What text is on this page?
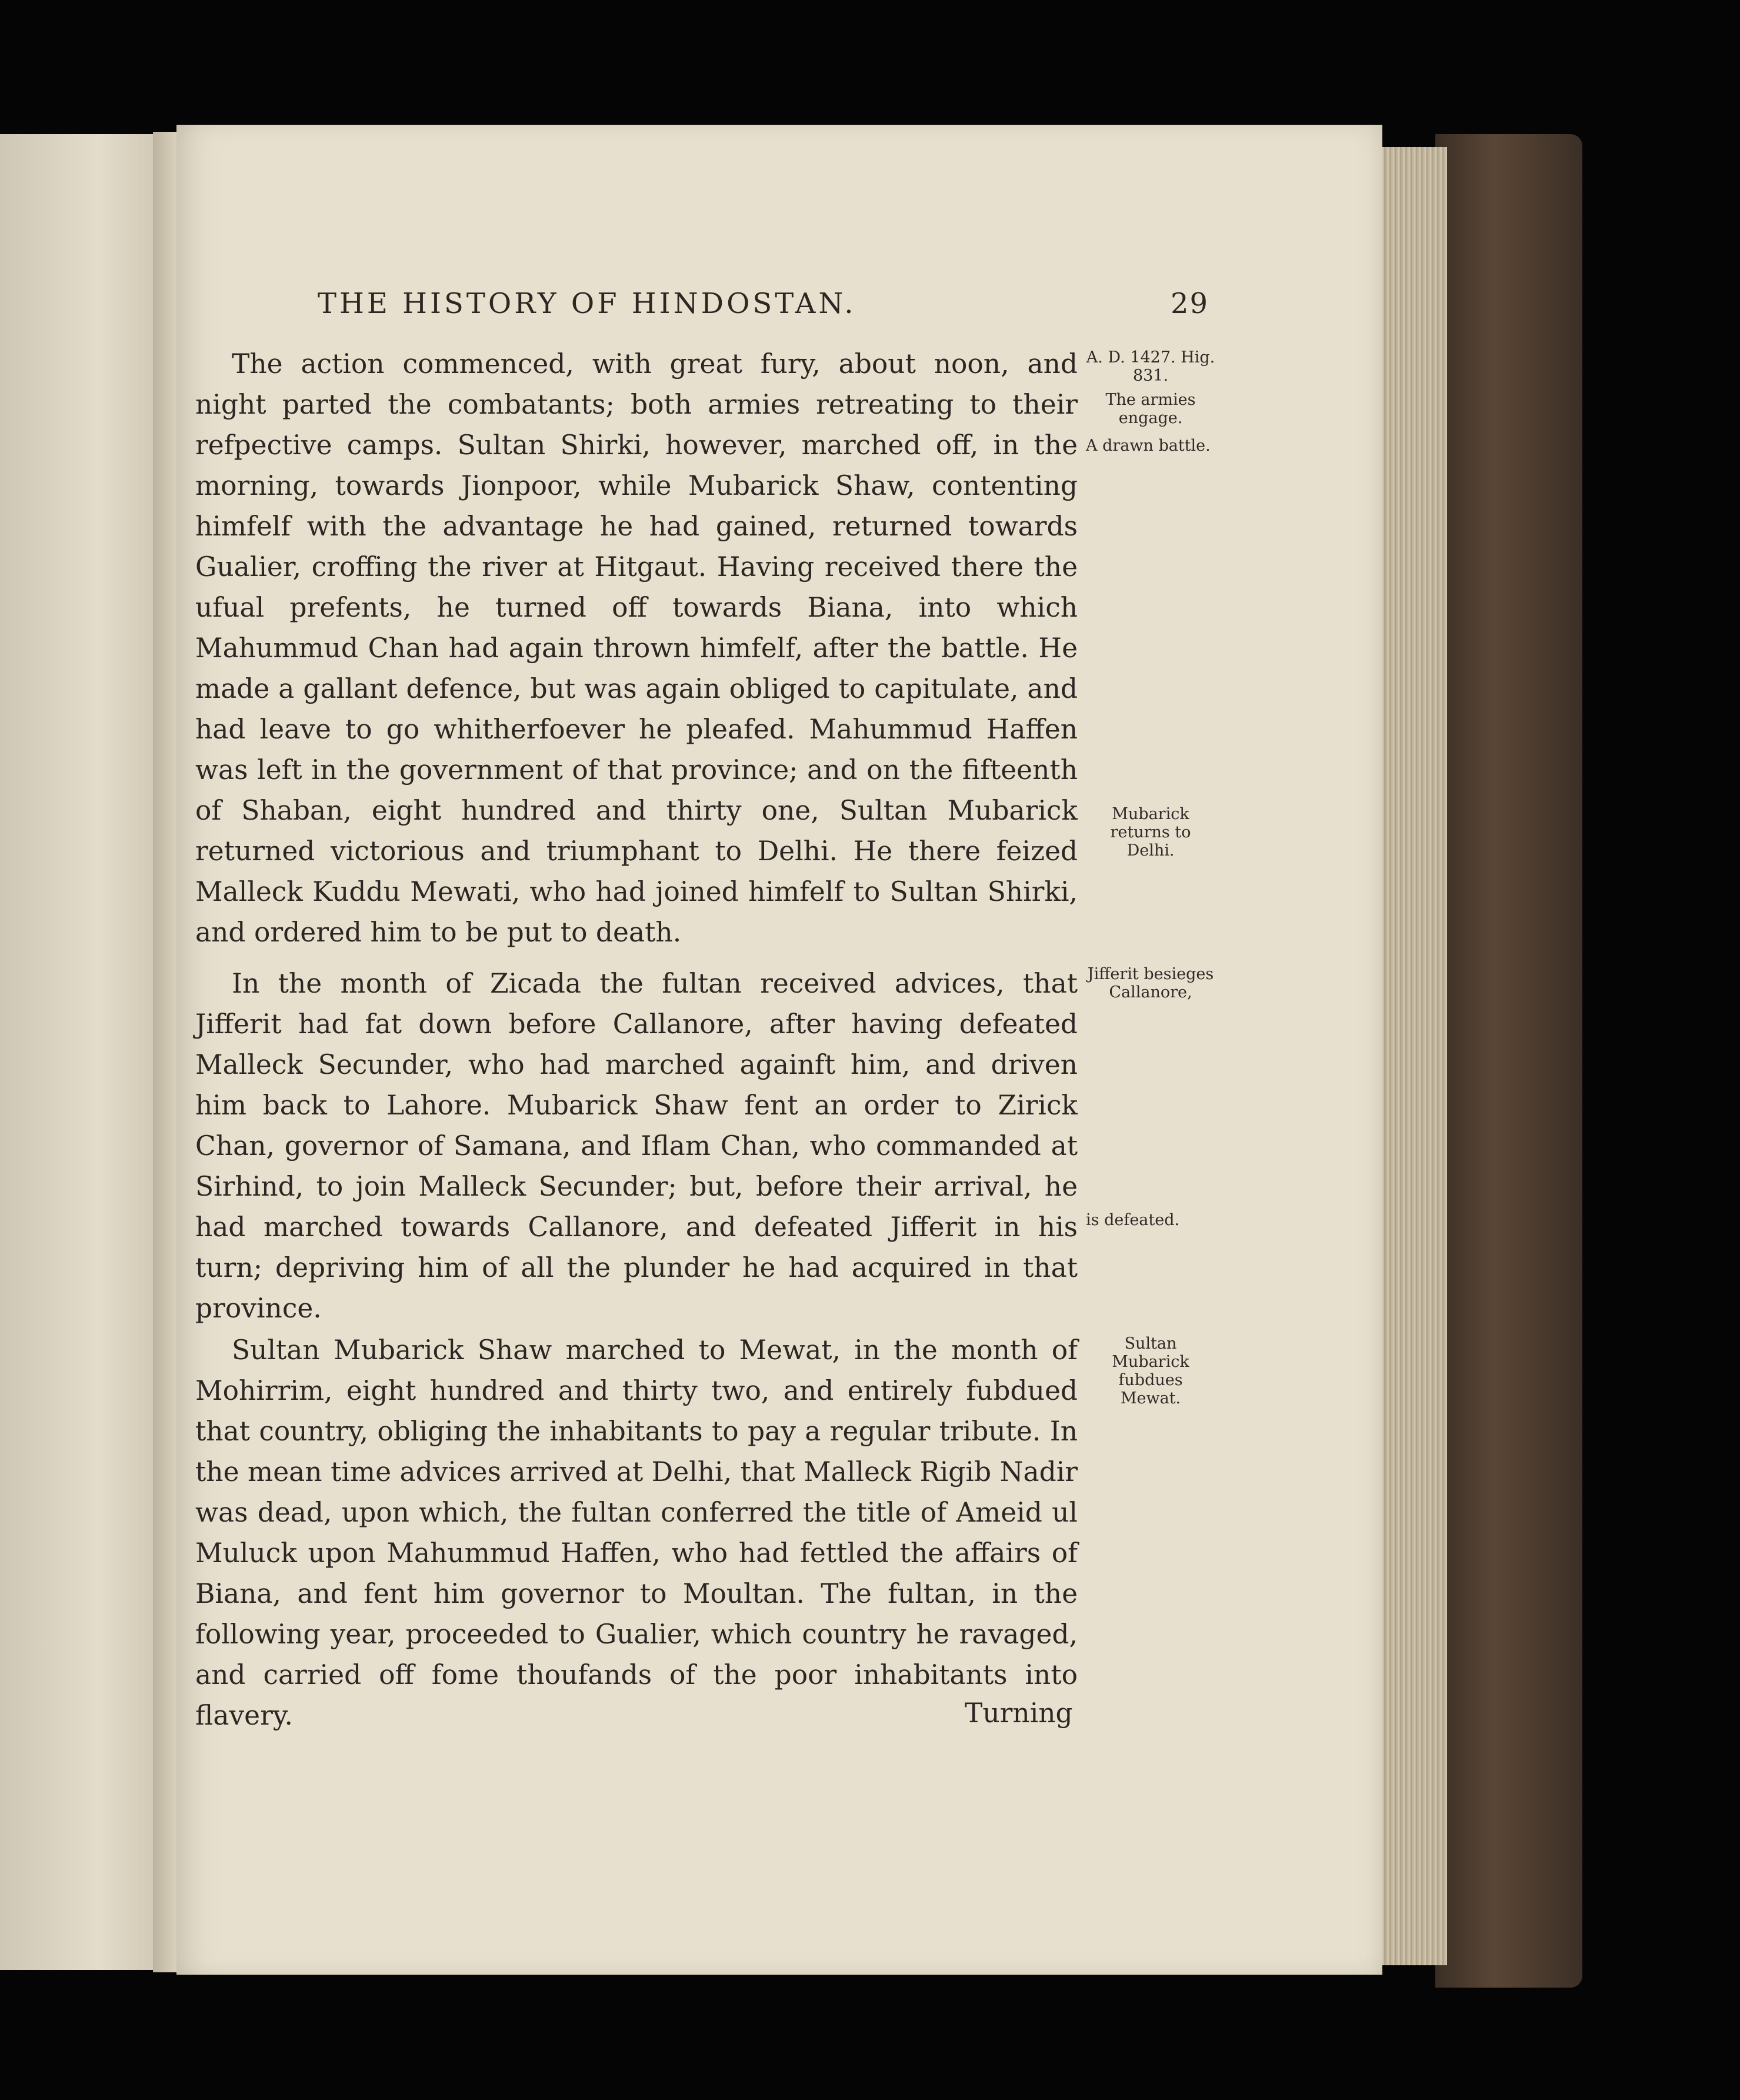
THE HISTORY OF HINDOSTAN.	29

The action commenced, with great fury, about noon, and night parted the combatants; both armies retreating to their refpective camps. Sultan Shirki, however, marched off, in the morning, towards Jionpoor, while Mubarick Shaw, contenting himfelf with the advantage he had gained, returned towards Gualier, croffing the river at Hitgaut. Having received there the ufual prefents, he turned off towards Biana, into which Mahummud Chan had again thrown himfelf, after the battle. He made a gallant defence, but was again obliged to capitulate, and had leave to go whitherfoever he pleafed. Mahummud Haffen was left in the government of that province; and on the fifteenth of Shaban, eight hundred and thirty one, Sultan Mubarick returned victorious and triumphant to Delhi. He there feized Malleck Kuddu Mewati, who had joined himfelf to Sultan Shirki, and ordered him to be put to death.

In the month of Zicada the fultan received advices, that Jifferit had fat down before Callanore, after having defeated Malleck Secunder, who had marched againft him, and driven him back to Lahore. Mubarick Shaw fent an order to Zirick Chan, governor of Samana, and Iflam Chan, who commanded at Sirhind, to join Malleck Secunder; but, before their arrival, he had marched towards Callanore, and defeated Jifferit in his turn; depriving him of all the plunder he had acquired in that province.

Sultan Mubarick Shaw marched to Mewat, in the month of Mohirrim, eight hundred and thirty two, and entirely fubdued that country, obliging the inhabitants to pay a regular tribute. In the mean time advices arrived at Delhi, that Malleck Rigib Nadir was dead, upon which, the fultan conferred the title of Ameid ul Muluck upon Mahummud Haffen, who had fettled the affairs of Biana, and fent him governor to Moultan. The fultan, in the following year, proceeded to Gualier, which country he ravaged, and carried off fome thoufands of the poor inhabitants into flavery.	Turning

A. D. 1427. Hig. 831.

The armies engage.

A drawn battle.

Mubarick returns to Delhi.

Jifferit besieges Callanore,

is defeated.

Sultan Mubarick fubdues Mewat.
